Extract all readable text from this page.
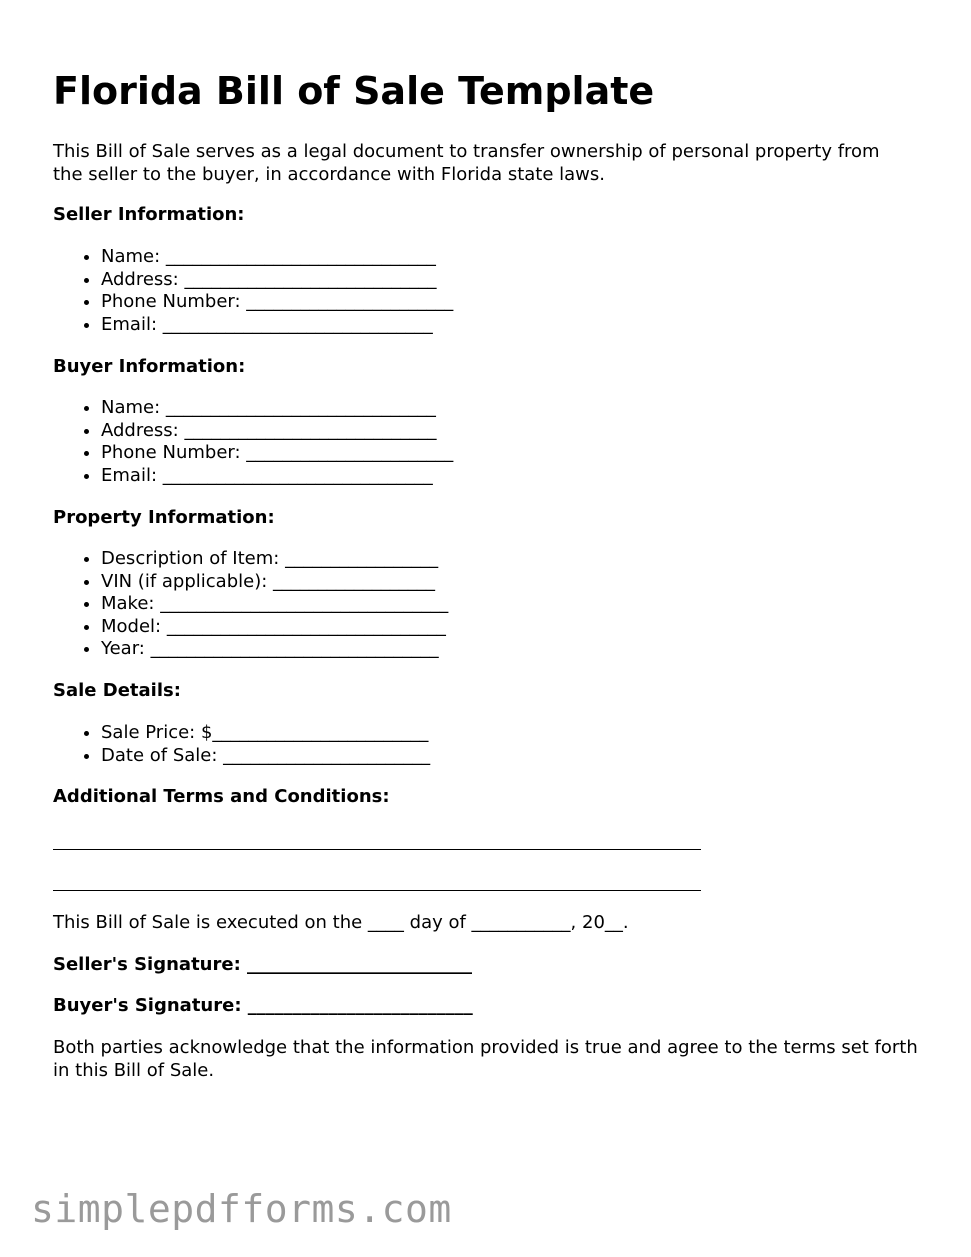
Florida Bill of Sale Template

This Bill of Sale serves as a legal document to transfer ownership of personal property from the seller to the buyer, in accordance with Florida state laws.

Seller Information:

• Name: ______________________________
• Address: ____________________________
• Phone Number: _______________________
• Email: ______________________________

Buyer Information:

• Name: ______________________________
• Address: ____________________________
• Phone Number: _______________________
• Email: ______________________________

Property Information:

• Description of Item: _________________
• VIN (if applicable): __________________
• Make: ________________________________
• Model: _______________________________
• Year: ________________________________

Sale Details:

• Sale Price: $________________________
• Date of Sale: _______________________

Additional Terms and Conditions:

This Bill of Sale is executed on the ____ day of ___________, 20__.

Seller's Signature: _________________________

Buyer's Signature: _________________________

Both parties acknowledge that the information provided is true and agree to the terms set forth in this Bill of Sale.

simplepdfforms.com
